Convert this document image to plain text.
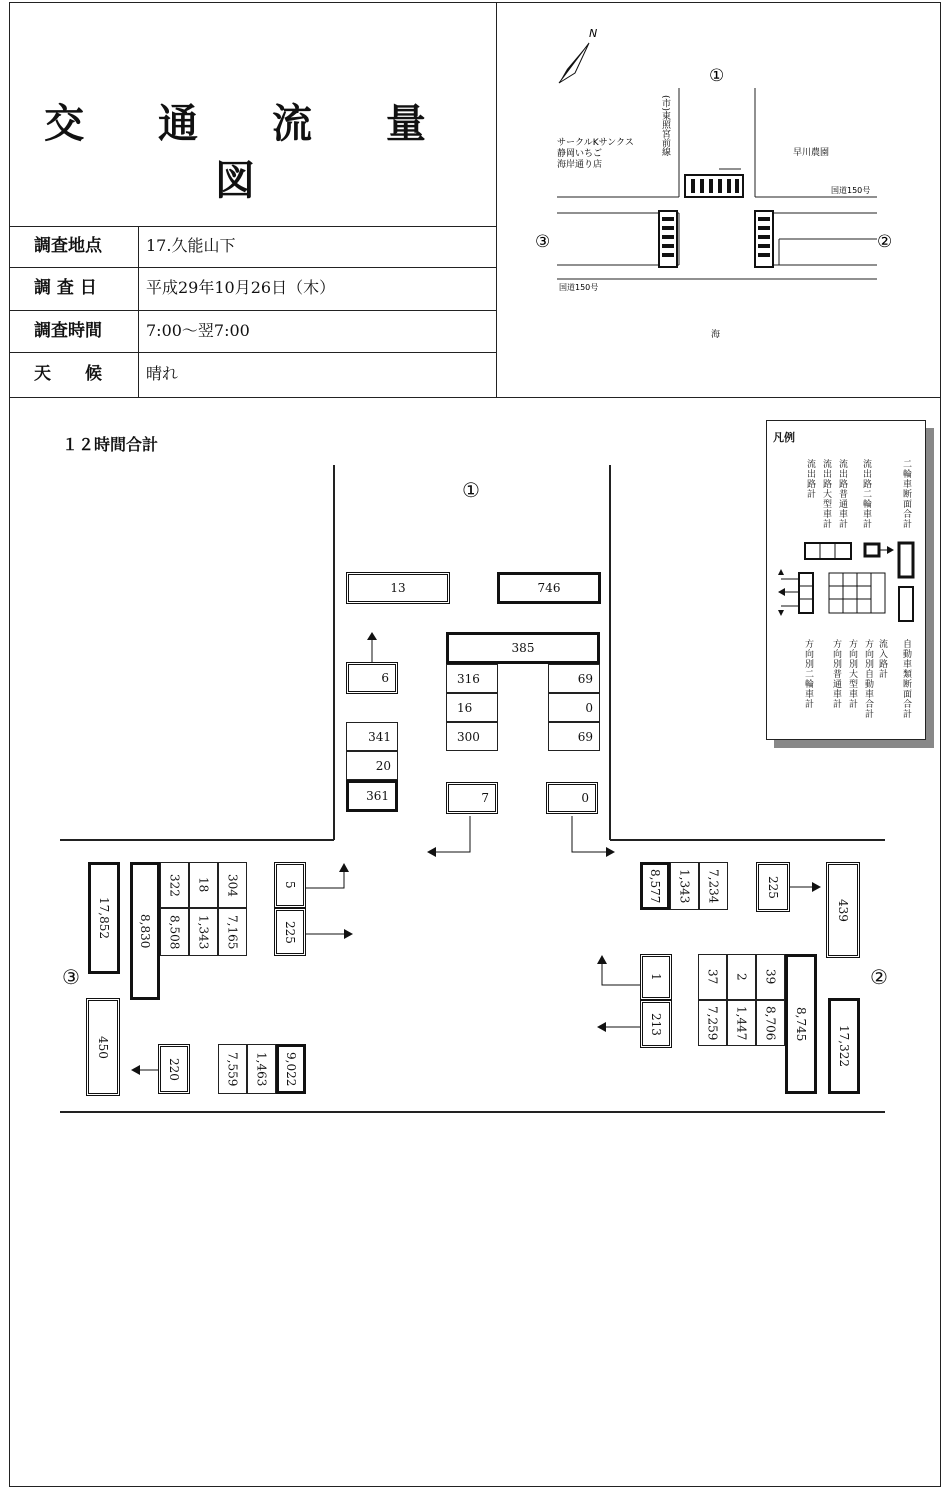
交 通 流 量 図
調査地点	17.久能山下
調 査 日	平成29年10月26日（木）
調査時間	7:00～翌7:00
天　　候	晴れ
N
①
②
③
サークルKサンクス
静岡いちご
海岸通り店
(市)東照宮前線	早川農園
国道150号
国道150号
海
１２時間合計
①
13	746
385
6	316
16
300
69
0
69
341
20
361	7	0
③
17,852	8,830
322	18	304
8,508	1,343	7,165
5
225
450
220	7,559	1,463	9,022
②
8,577	1,343	7,234	225
439
1
213
37	2	39
7,259	1,447	8,706	8,745
17,322
凡例
流出路計 流出路大型車計 流出路普通車計 流出路二輪車計	二輪車断面合計
方向別二輪車計 方向別普通車計 方向別大型車計 方向別自動車合計 流入路計 自動車類断面合計
